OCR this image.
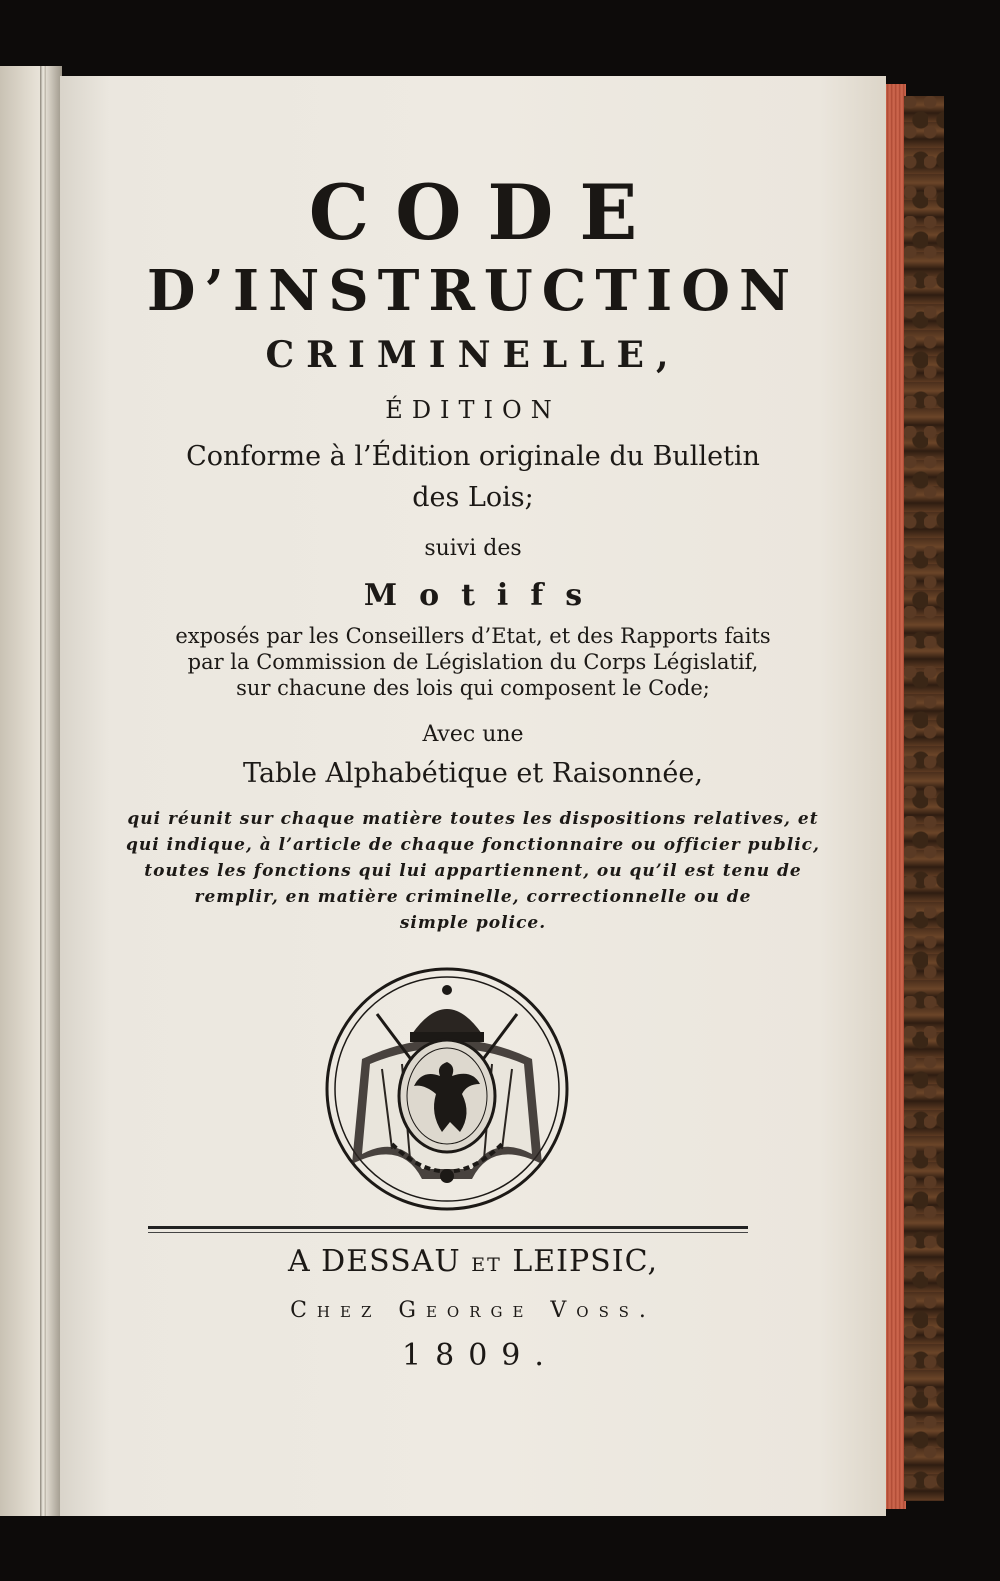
CODE
D’INSTRUCTION
CRIMINELLE,
ÉDITION
Conforme à l’Édition originale du Bulletin
des Lois;
suivi des
Motifs
exposés par les Conseillers d’Etat, et des Rapports faits
par la Commission de Législation du Corps Législatif,
sur chacune des lois qui composent le Code;
Avec une
Table Alphabétique et Raisonnée,
qui réunit sur chaque matière toutes les dispositions relatives, et
qui indique, à l’article de chaque fonctionnaire ou officier public,
toutes les fonctions qui lui appartiennent, ou qu’il est tenu de
remplir, en matière criminelle, correctionnelle ou de
simple police.
A DESSAU ET LEIPSIC,
Chez George Voss.
1809.
